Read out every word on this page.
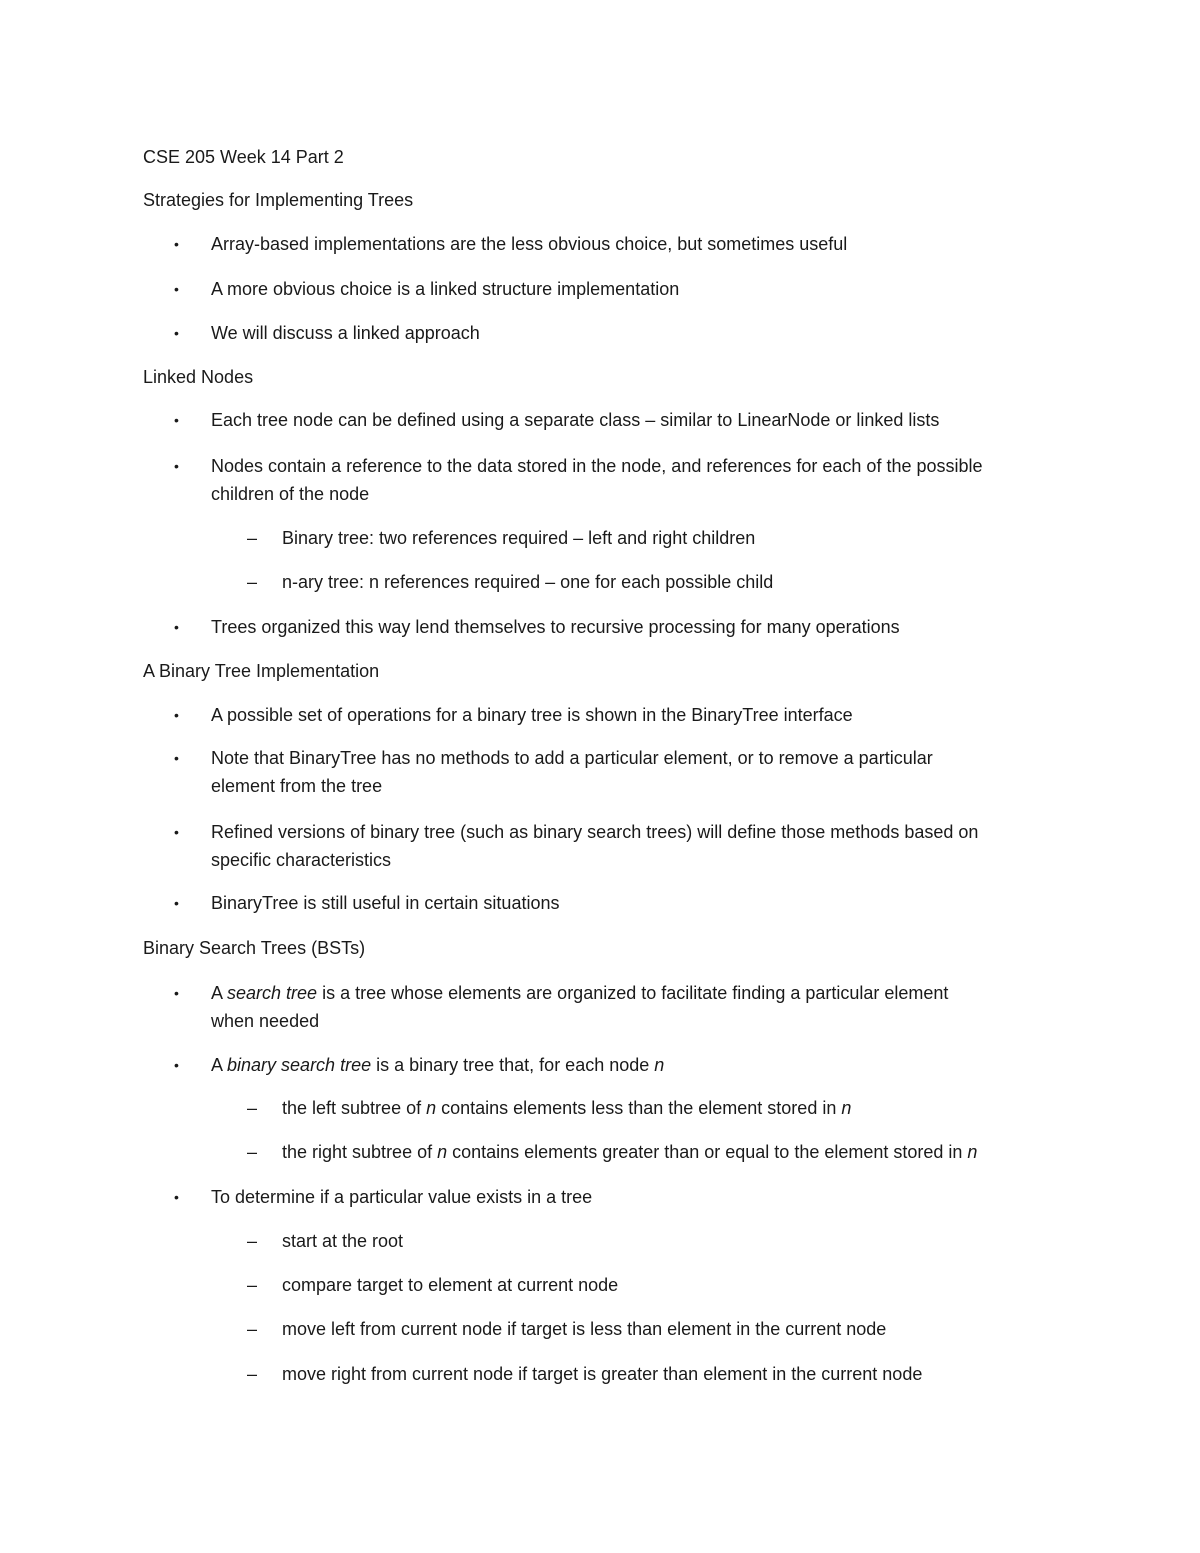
CSE 205 Week 14 Part 2
Strategies for Implementing Trees
• Array-based implementations are the less obvious choice, but sometimes useful
• A more obvious choice is a linked structure implementation
• We will discuss a linked approach
Linked Nodes
• Each tree node can be defined using a separate class – similar to LinearNode or linked lists
• Nodes contain a reference to the data stored in the node, and references for each of the possible
children of the node
– Binary tree: two references required – left and right children
– n-ary tree: n references required – one for each possible child
• Trees organized this way lend themselves to recursive processing for many operations
A Binary Tree Implementation
• A possible set of operations for a binary tree is shown in the BinaryTree interface
• Note that BinaryTree has no methods to add a particular element, or to remove a particular
element from the tree
• Refined versions of binary tree (such as binary search trees) will define those methods based on
specific characteristics
• BinaryTree is still useful in certain situations
Binary Search Trees (BSTs)
• A search tree is a tree whose elements are organized to facilitate finding a particular element
when needed
• A binary search tree is a binary tree that, for each node n
– the left subtree of n contains elements less than the element stored in n
– the right subtree of n contains elements greater than or equal to the element stored in n
• To determine if a particular value exists in a tree
– start at the root
– compare target to element at current node
– move left from current node if target is less than element in the current node
– move right from current node if target is greater than element in the current node
